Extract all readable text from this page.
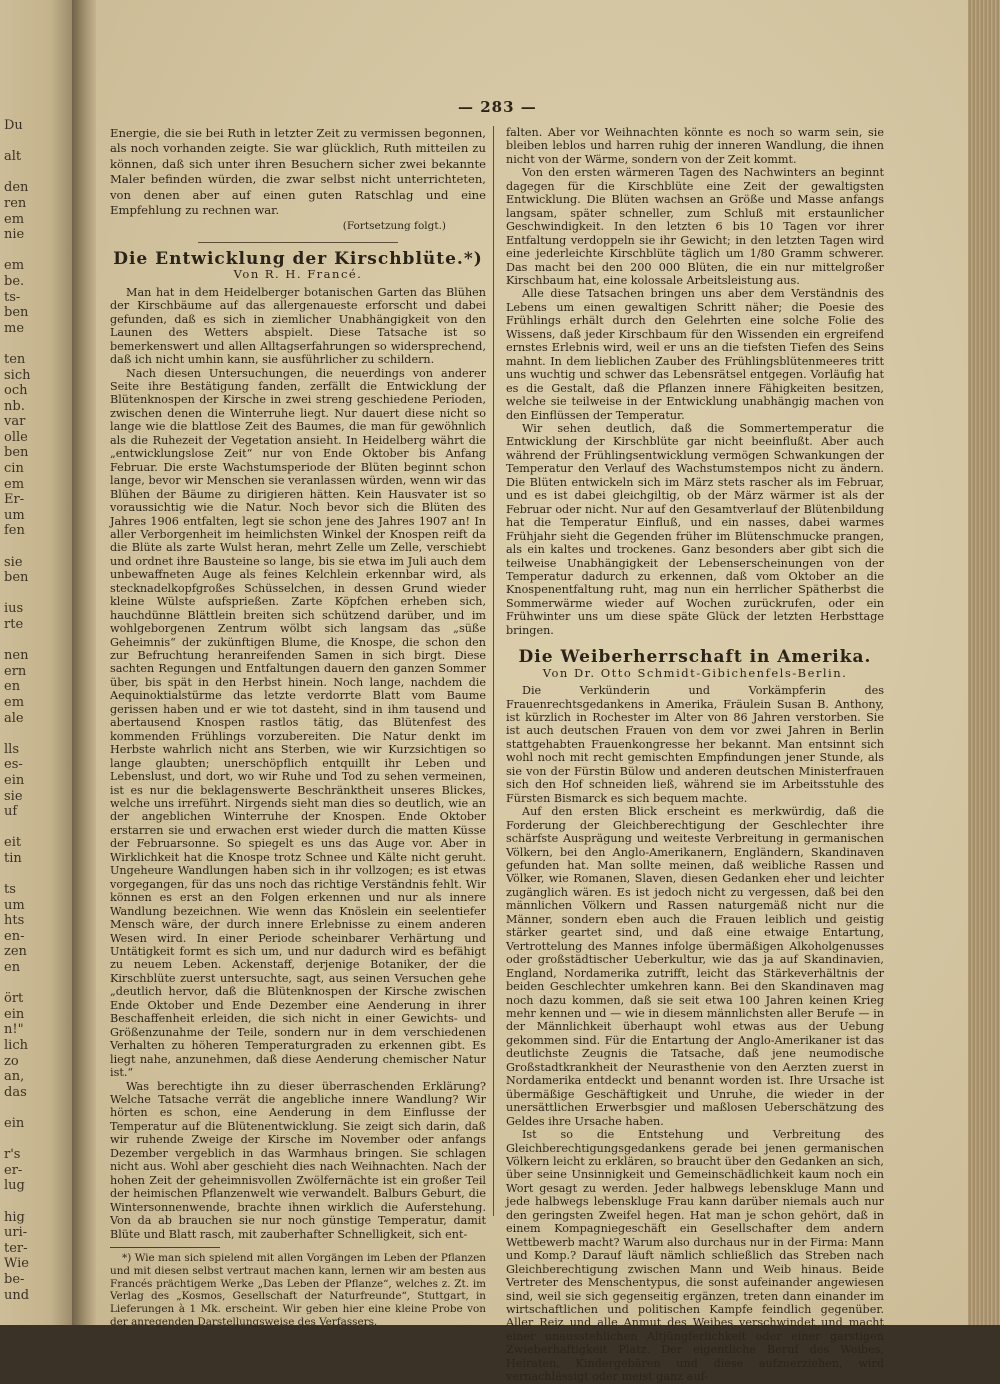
Du

alt

den
ren
em
nie

em
be.
ts-
ben
me

ten
sich
och
nb.
var
olle
ben
cin
em
Er-
um
fen

sie
ben

ius
rte

nen
ern
en
em
ale

lls
es-
ein
sie
uf

eit
tin

ts
um
hts
en-
zen
en

ört
ein
n!"
lich
zo
an,
das

ein

r's
er-
lug

hig
uri-
ter-
Wie
be-
und
— 283 —

Energie, die sie bei Ruth in letzter Zeit zu vermissen begonnen, als noch vorhanden zeigte. Sie war glücklich, Ruth mitteilen zu können, daß sich unter ihren Besuchern sicher zwei bekannte Maler befinden würden, die zwar selbst nicht unterrichteten, von denen aber auf einen guten Ratschlag und eine Empfehlung zu rechnen war.

(Fortsetzung folgt.)
Die Entwicklung der Kirschblüte.*)
Von R. H. Francé.

Man hat in dem Heidelberger botanischen Garten das Blühen der Kirschbäume auf das allergenaueste erforscht und dabei gefunden, daß es sich in ziemlicher Unabhängigkeit von den Launen des Wetters abspielt. Diese Tatsache ist so bemerkenswert und allen Alltagserfahrungen so widersprechend, daß ich nicht umhin kann, sie ausführlicher zu schildern.

Nach diesen Untersuchungen, die neuerdings von anderer Seite ihre Bestätigung fanden, zerfällt die Entwicklung der Blütenknospen der Kirsche in zwei streng geschiedene Perioden, zwischen denen die Winterruhe liegt. Nur dauert diese nicht so lange wie die blattlose Zeit des Baumes, die man für gewöhnlich als die Ruhezeit der Vegetation ansieht. In Heidelberg währt die „entwicklungslose Zeit“ nur von Ende Oktober bis Anfang Februar. Die erste Wachstumsperiode der Blüten beginnt schon lange, bevor wir Menschen sie veranlassen würden, wenn wir das Blühen der Bäume zu dirigieren hätten. Kein Hausvater ist so voraussichtig wie die Natur. Noch bevor sich die Blüten des Jahres 1906 entfalten, legt sie schon jene des Jahres 1907 an! In aller Verborgenheit im heimlichsten Winkel der Knospen reift da die Blüte als zarte Wulst heran, mehrt Zelle um Zelle, verschiebt und ordnet ihre Bausteine so lange, bis sie etwa im Juli auch dem unbewaffneten Auge als feines Kelchlein erkennbar wird, als stecknadelkopfgroßes Schüsselchen, in dessen Grund wieder kleine Wülste aufsprießen. Zarte Köpfchen erheben sich, hauchdünne Blättlein breiten sich schützend darüber, und im wohlgeborgenen Zentrum wölbt sich langsam das „süße Geheimnis“ der zukünftigen Blume, die Knospe, die schon den zur Befruchtung heranreifenden Samen in sich birgt. Diese sachten Regungen und Entfaltungen dauern den ganzen Sommer über, bis spät in den Herbst hinein. Noch lange, nachdem die Aequinoktialstürme das letzte verdorrte Blatt vom Baume gerissen haben und er wie tot dasteht, sind in ihm tausend und abertausend Knospen rastlos tätig, das Blütenfest des kommenden Frühlings vorzubereiten. Die Natur denkt im Herbste wahrlich nicht ans Sterben, wie wir Kurzsichtigen so lange glaubten; unerschöpflich entquillt ihr Leben und Lebenslust, und dort, wo wir Ruhe und Tod zu sehen vermeinen, ist es nur die beklagenswerte Beschränktheit unseres Blickes, welche uns irreführt. Nirgends sieht man dies so deutlich, wie an der angeblichen Winterruhe der Knospen. Ende Oktober erstarren sie und erwachen erst wieder durch die matten Küsse der Februarsonne. So spiegelt es uns das Auge vor. Aber in Wirklichkeit hat die Knospe trotz Schnee und Kälte nicht geruht. Ungeheure Wandlungen haben sich in ihr vollzogen; es ist etwas vorgegangen, für das uns noch das richtige Verständnis fehlt. Wir können es erst an den Folgen erkennen und nur als innere Wandlung bezeichnen. Wie wenn das Knöslein ein seelentiefer Mensch wäre, der durch innere Erlebnisse zu einem anderen Wesen wird. In einer Periode scheinbarer Verhärtung und Untätigkeit formt es sich um, und nur dadurch wird es befähigt zu neuem Leben. Ackenstaff, derjenige Botaniker, der die Kirschblüte zuerst untersuchte, sagt, aus seinen Versuchen gehe „deutlich hervor, daß die Blütenknospen der Kirsche zwischen Ende Oktober und Ende Dezember eine Aenderung in ihrer Beschaffenheit erleiden, die sich nicht in einer Gewichts- und Größenzunahme der Teile, sondern nur in dem verschiedenen Verhalten zu höheren Temperaturgraden zu erkennen gibt. Es liegt nahe, anzunehmen, daß diese Aenderung chemischer Natur ist.“

Was berechtigte ihn zu dieser überraschenden Erklärung? Welche Tatsache verrät die angebliche innere Wandlung? Wir hörten es schon, eine Aenderung in dem Einflusse der Temperatur auf die Blütenentwicklung. Sie zeigt sich darin, daß wir ruhende Zweige der Kirsche im November oder anfangs Dezember vergeblich in das Warmhaus bringen. Sie schlagen nicht aus. Wohl aber geschieht dies nach Weihnachten. Nach der hohen Zeit der geheimnisvollen Zwölfernächte ist ein großer Teil der heimischen Pflanzenwelt wie verwandelt. Balburs Geburt, die Wintersonnenwende, brachte ihnen wirklich die Auferstehung. Von da ab brauchen sie nur noch günstige Temperatur, damit Blüte und Blatt rasch, mit zauberhafter Schnelligkeit, sich ent-

*) Wie man sich spielend mit allen Vorgängen im Leben der Pflanzen und mit diesen selbst vertraut machen kann, lernen wir am besten aus Francés prächtigem Werke „Das Leben der Pflanze“, welches z. Zt. im Verlag des „Kosmos, Gesellschaft der Naturfreunde“, Stuttgart, in Lieferungen à 1 Mk. erscheint. Wir geben hier eine kleine Probe von der anregenden Darstellungsweise des Verfassers.

falten. Aber vor Weihnachten könnte es noch so warm sein, sie bleiben leblos und harren ruhig der inneren Wandlung, die ihnen nicht von der Wärme, sondern von der Zeit kommt.

Von den ersten wärmeren Tagen des Nachwinters an beginnt dagegen für die Kirschblüte eine Zeit der gewaltigsten Entwicklung. Die Blüten wachsen an Größe und Masse anfangs langsam, später schneller, zum Schluß mit erstaunlicher Geschwindigkeit. In den letzten 6 bis 10 Tagen vor ihrer Entfaltung verdoppeln sie ihr Gewicht; in den letzten Tagen wird eine jederleichte Kirschblüte täglich um 1/80 Gramm schwerer. Das macht bei den 200 000 Blüten, die ein nur mittelgroßer Kirschbaum hat, eine kolossale Arbeitsleistung aus.

Alle diese Tatsachen bringen uns aber dem Verständnis des Lebens um einen gewaltigen Schritt näher; die Poesie des Frühlings erhält durch den Gelehrten eine solche Folie des Wissens, daß jeder Kirschbaum für den Wissenden ein ergreifend ernstes Erlebnis wird, weil er uns an die tiefsten Tiefen des Seins mahnt. In dem lieblichen Zauber des Frühlingsblütenmeeres tritt uns wuchtig und schwer das Lebensrätsel entgegen. Vorläufig hat es die Gestalt, daß die Pflanzen innere Fähigkeiten besitzen, welche sie teilweise in der Entwicklung unabhängig machen von den Einflüssen der Temperatur.

Wir sehen deutlich, daß die Sommertemperatur die Entwicklung der Kirschblüte gar nicht beeinflußt. Aber auch während der Frühlingsentwicklung vermögen Schwankungen der Temperatur den Verlauf des Wachstumstempos nicht zu ändern. Die Blüten entwickeln sich im März stets rascher als im Februar, und es ist dabei gleichgiltig, ob der März wärmer ist als der Februar oder nicht. Nur auf den Gesamtverlauf der Blütenbildung hat die Temperatur Einfluß, und ein nasses, dabei warmes Frühjahr sieht die Gegenden früher im Blütenschmucke prangen, als ein kaltes und trockenes. Ganz besonders aber gibt sich die teilweise Unabhängigkeit der Lebenserscheinungen von der Temperatur dadurch zu erkennen, daß vom Oktober an die Knospenentfaltung ruht, mag nun ein herrlicher Spätherbst die Sommerwärme wieder auf Wochen zurückrufen, oder ein Frühwinter uns um diese späte Glück der letzten Herbsttage bringen.

Die Weiberherrschaft in Amerika.
Von Dr. Otto Schmidt-Gibichenfels-Berlin.

Die Verkünderin und Vorkämpferin des Frauenrechtsgedankens in Amerika, Fräulein Susan B. Anthony, ist kürzlich in Rochester im Alter von 86 Jahren verstorben. Sie ist auch deutschen Frauen von dem vor zwei Jahren in Berlin stattgehabten Frauenkongresse her bekannt. Man entsinnt sich wohl noch mit recht gemischten Empfindungen jener Stunde, als sie von der Fürstin Bülow und anderen deutschen Ministerfrauen sich den Hof schneiden ließ, während sie im Arbeitsstuhle des Fürsten Bismarck es sich bequem machte.

Auf den ersten Blick erscheint es merkwürdig, daß die Forderung der Gleichberechtigung der Geschlechter ihre schärfste Ausprägung und weiteste Verbreitung in germanischen Völkern, bei den Anglo-Amerikanern, Engländern, Skandinaven gefunden hat. Man sollte meinen, daß weibliche Rassen und Völker, wie Romanen, Slaven, diesen Gedanken eher und leichter zugänglich wären. Es ist jedoch nicht zu vergessen, daß bei den männlichen Völkern und Rassen naturgemäß nicht nur die Männer, sondern eben auch die Frauen leiblich und geistig stärker geartet sind, und daß eine etwaige Entartung, Vertrottelung des Mannes infolge übermäßigen Alkoholgenusses oder großstädtischer Ueberkultur, wie das ja auf Skandinavien, England, Nordamerika zutrifft, leicht das Stärkeverhältnis der beiden Geschlechter umkehren kann. Bei den Skandinaven mag noch dazu kommen, daß sie seit etwa 100 Jahren keinen Krieg mehr kennen und — wie in diesem männlichsten aller Berufe — in der Männlichkeit überhaupt wohl etwas aus der Uebung gekommen sind. Für die Entartung der Anglo-Amerikaner ist das deutlichste Zeugnis die Tatsache, daß jene neumodische Großstadtkrankheit der Neurasthenie von den Aerzten zuerst in Nordamerika entdeckt und benannt worden ist. Ihre Ursache ist übermäßige Geschäftigkeit und Unruhe, die wieder in der unersättlichen Erwerbsgier und maßlosen Ueberschätzung des Geldes ihre Ursache haben.

Ist so die Entstehung und Verbreitung des Gleichberechtigungsgedankens gerade bei jenen germanischen Völkern leicht zu erklären, so braucht über den Gedanken an sich, über seine Unsinnigkeit und Gemeinschädlichkeit kaum noch ein Wort gesagt zu werden. Jeder halbwegs lebenskluge Mann und jede halbwegs lebenskluge Frau kann darüber niemals auch nur den geringsten Zweifel hegen. Hat man je schon gehört, daß in einem Kompagniegeschäft ein Gesellschafter dem andern Wettbewerb macht? Warum also durchaus nur in der Firma: Mann und Komp.? Darauf läuft nämlich schließlich das Streben nach Gleichberechtigung zwischen Mann und Weib hinaus. Beide Vertreter des Menschentypus, die sonst aufeinander angewiesen sind, weil sie sich gegenseitig ergänzen, treten dann einander im wirtschaftlichen und politischen Kampfe feindlich gegenüber. Aller Reiz und alle Anmut des Weibes verschwindet und macht einer unausstehlichen Altjüngferlichkeit oder einer garstigen Zwieberhaftigkeit Platz. Der eigentliche Beruf des Weibes, Heiraten, Kindergebären und diese aufzuerziehen, wird vernachlässigt oder meist ganz auf-
